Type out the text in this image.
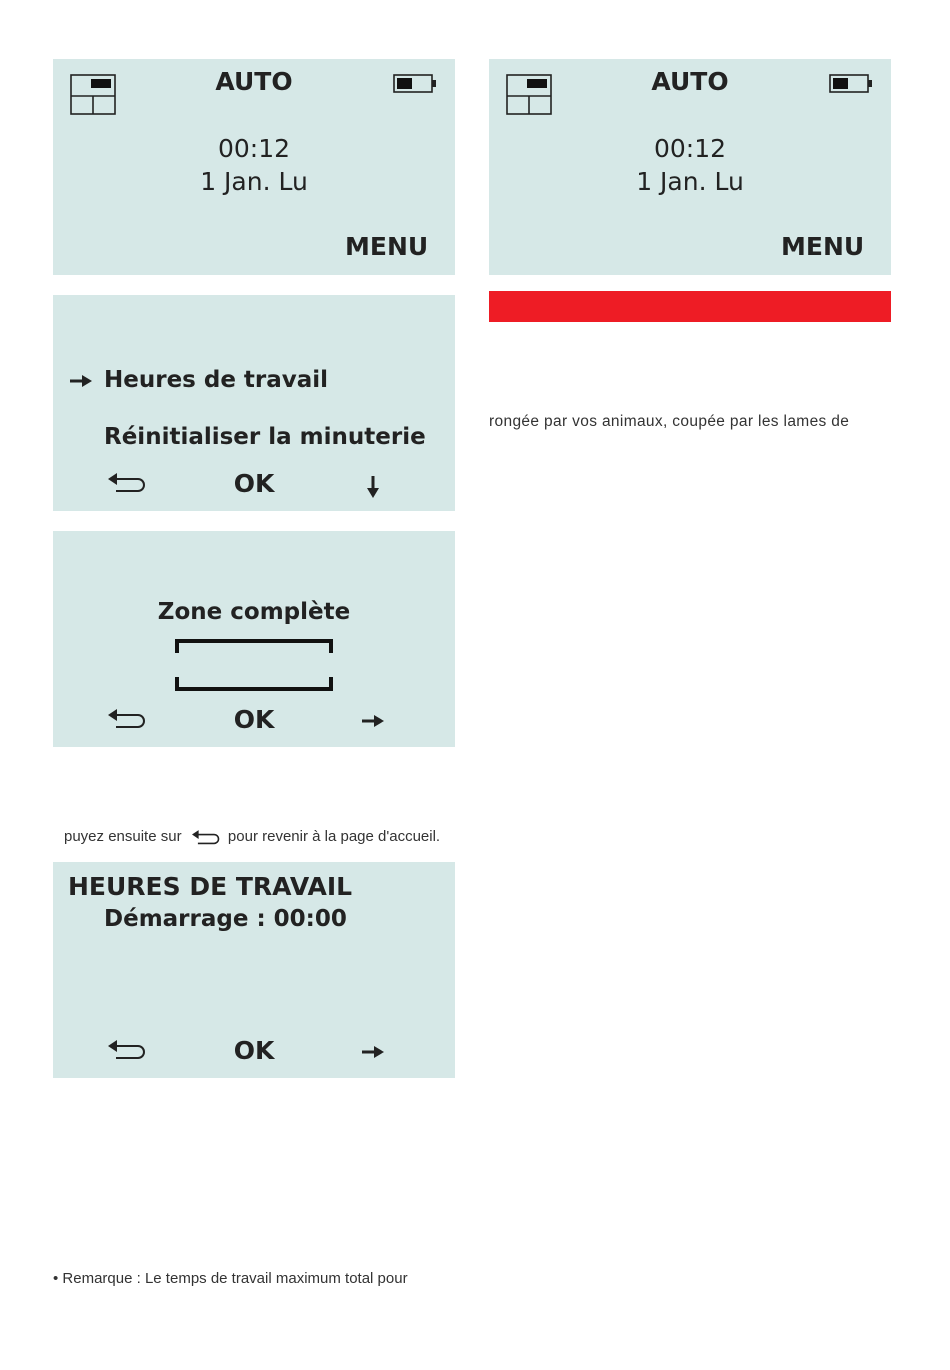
AUTO
00:12
1 Jan. Lu
MENU
AUTO
00:12
1 Jan. Lu
MENU
rongée par vos animaux, coupée par les lames de
Heures de travail
Réinitialiser la minuterie
OK
Zone complète
OK
puyez ensuite sur	pour revenir à la page d'accueil.
HEURES DE TRAVAIL
Démarrage : 00:00
OK
• Remarque : Le temps de travail maximum total pour
